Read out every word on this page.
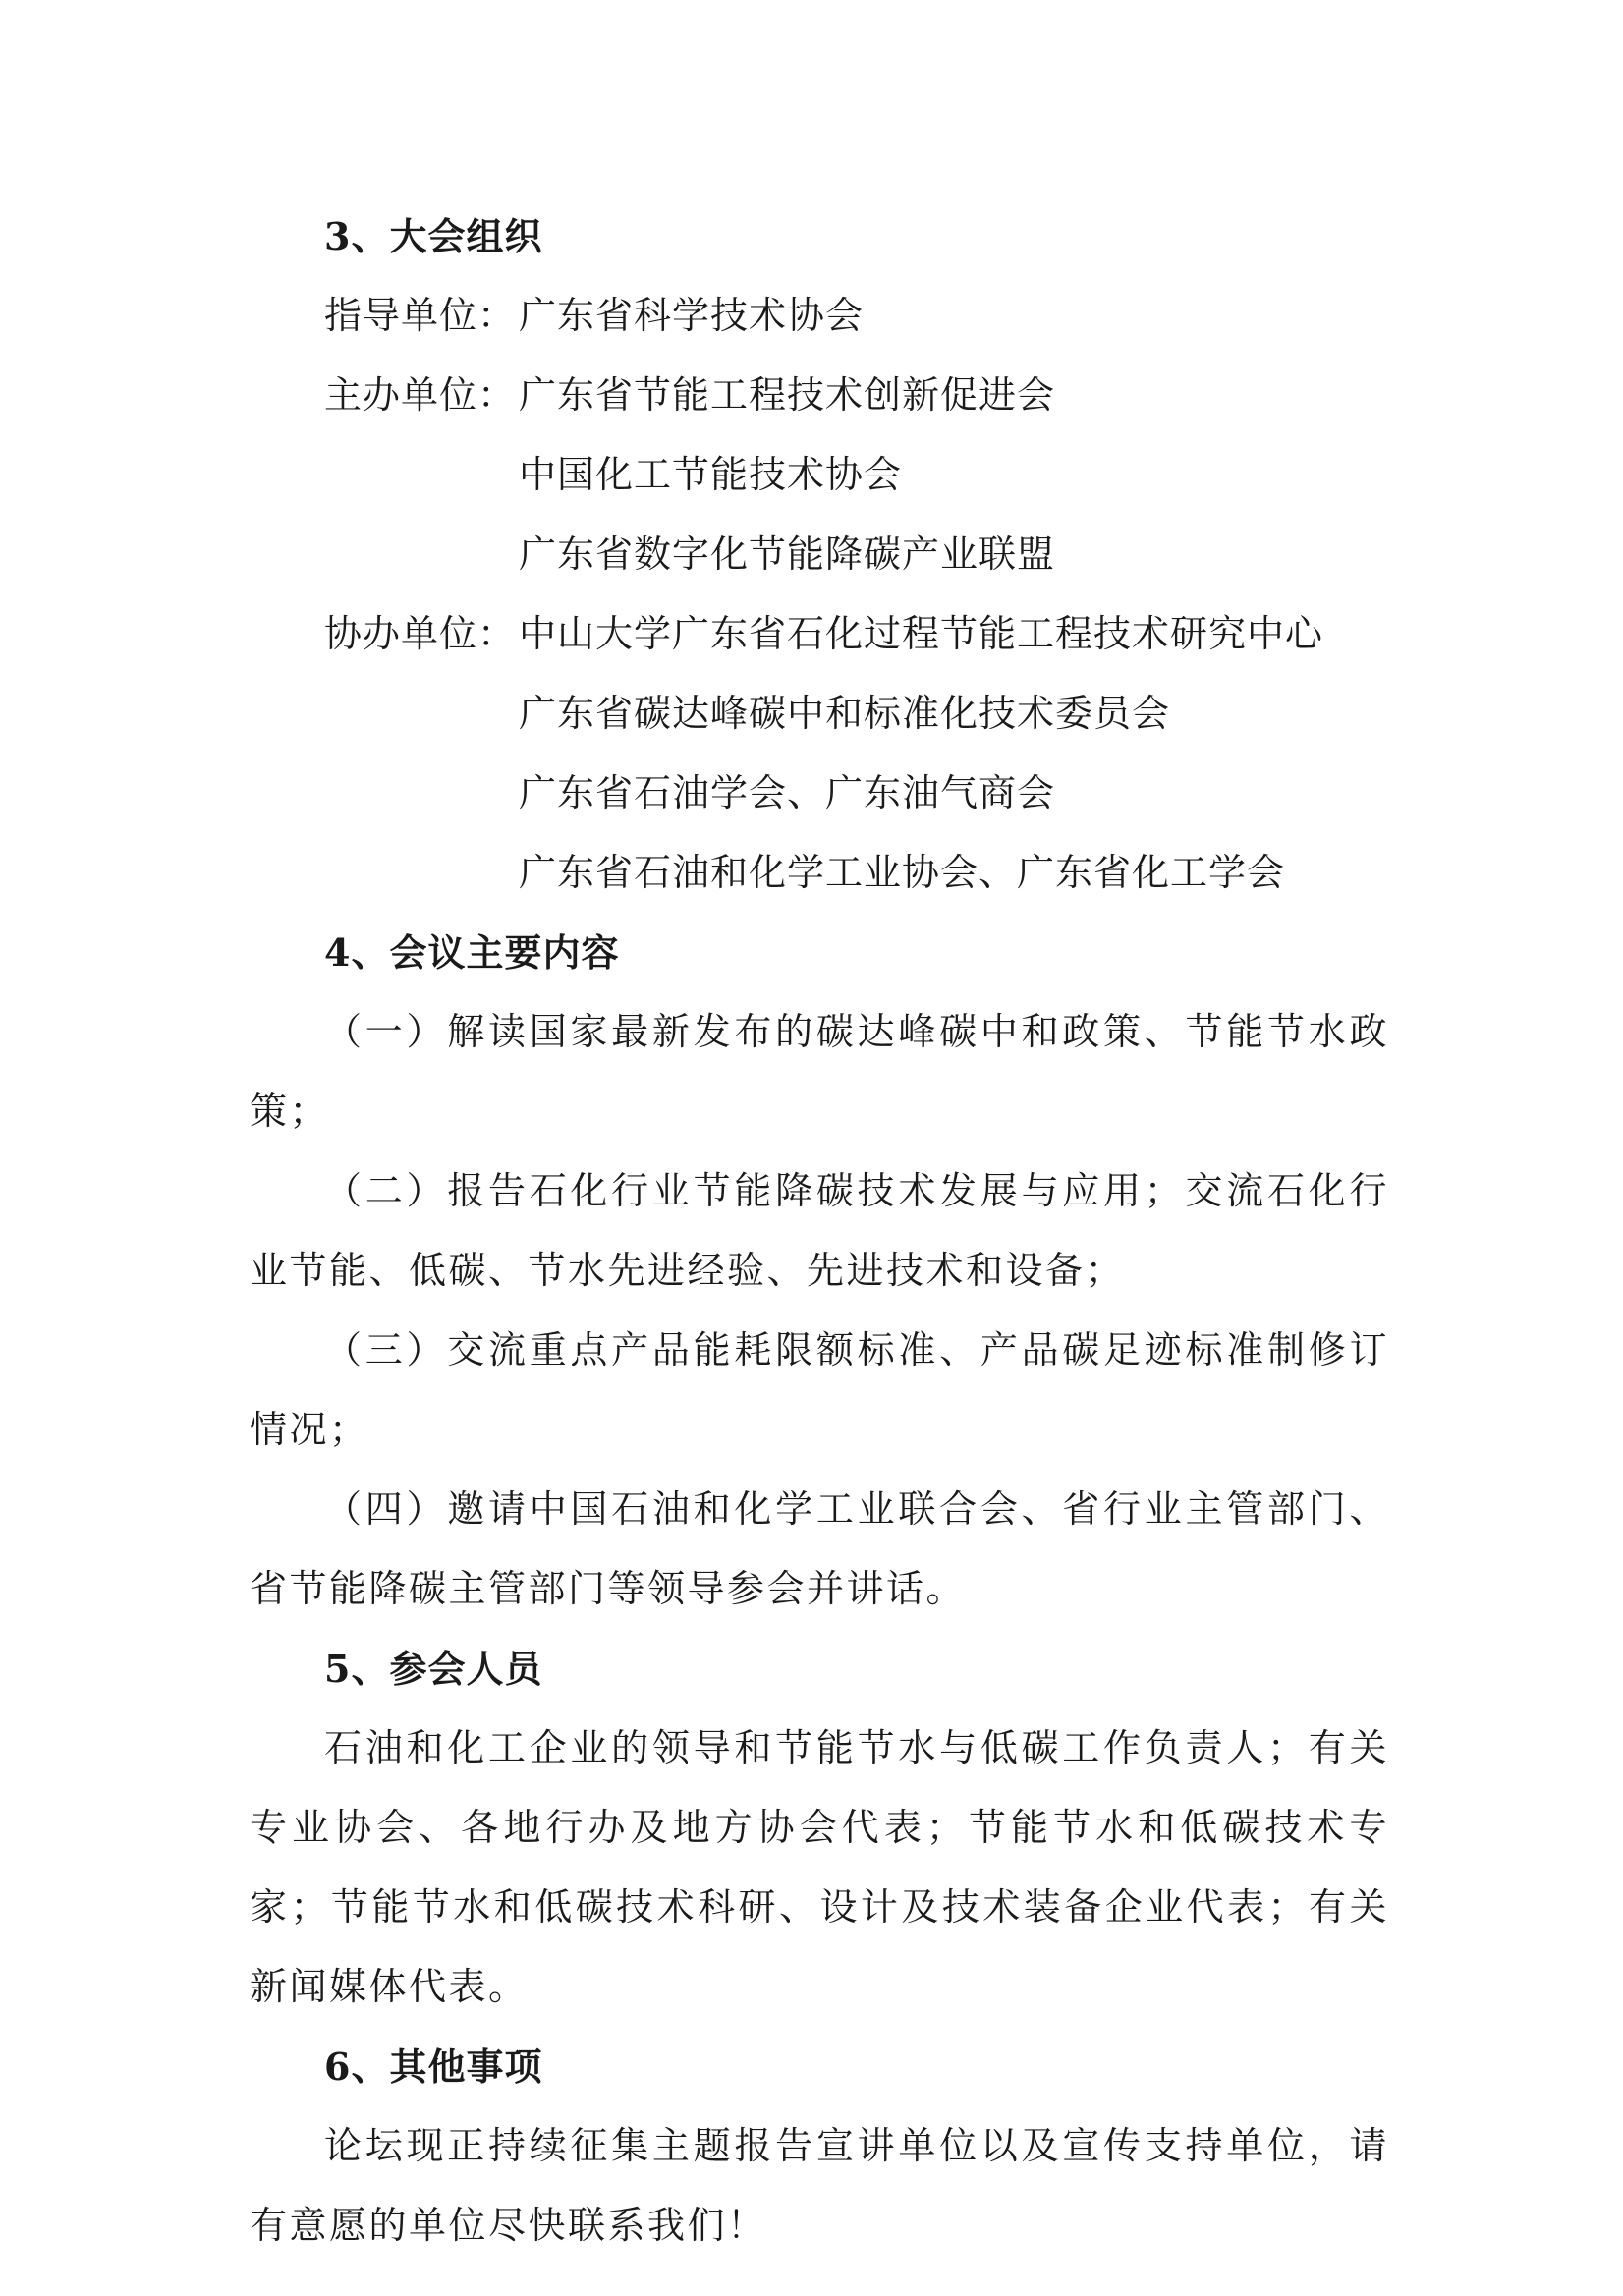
3、大会组织
指导单位： 广东省科学技术协会
主办单位： 广东省节能工程技术创新促进会
中国化工节能技术协会
广东省数字化节能降碳产业联盟
协办单位： 中山大学广东省石化过程节能工程技术研究中心
广东省碳达峰碳中和标准化技术委员会
广东省石油学会、广东油气商会
广东省石油和化学工业协会、广东省化工学会
4、会议主要内容
（一）解读国家最新发布的碳达峰碳中和政策、节能节水政策；
（二）报告石化行业节能降碳技术发展与应用；交流石化行业节能、低碳、节水先进经验、先进技术和设备；
（三）交流重点产品能耗限额标准、产品碳足迹标准制修订情况；
（四）邀请中国石油和化学工业联合会、省行业主管部门、省节能降碳主管部门等领导参会并讲话。
5、参会人员
石油和化工企业的领导和节能节水与低碳工作负责人；有关专业协会、各地行办及地方协会代表；节能节水和低碳技术专家；节能节水和低碳技术科研、设计及技术装备企业代表；有关新闻媒体代表。
6、其他事项
论坛现正持续征集主题报告宣讲单位以及宣传支持单位，请有意愿的单位尽快联系我们！
